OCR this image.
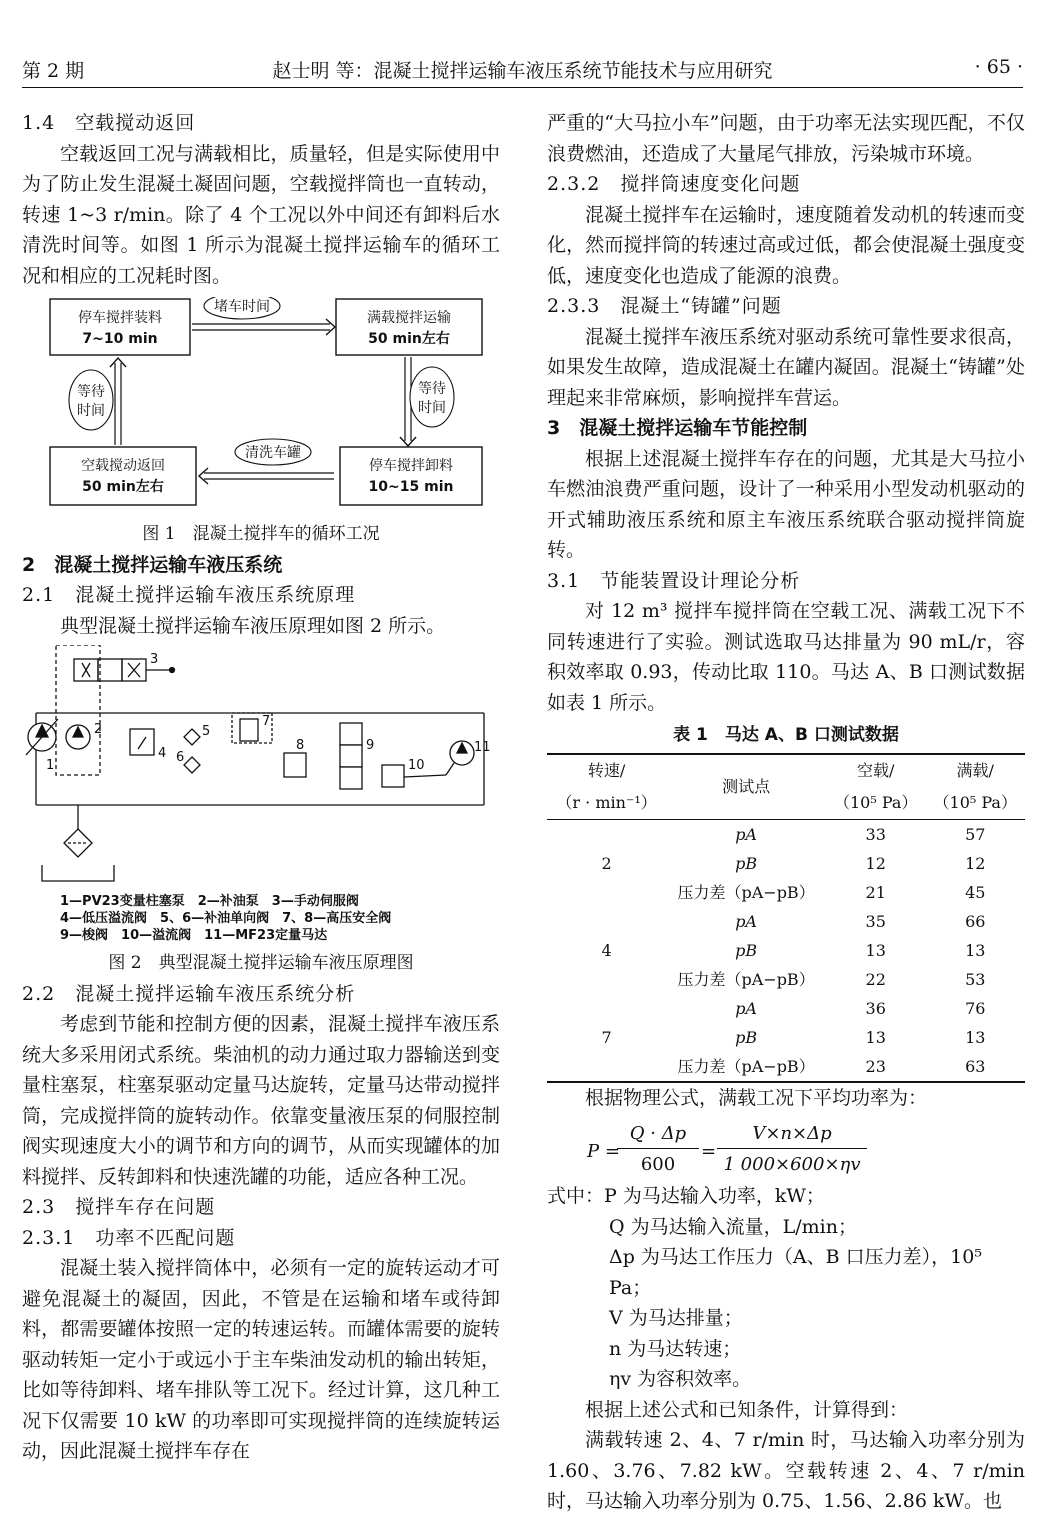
第 2 期	赵士明 等：混凝土搅拌运输车液压系统节能技术与应用研究	· 65 ·
1.4　空载搅动返回

空载返回工况与满载相比，质量轻，但是实际使用中为了防止发生混凝土凝固问题，空载搅拌筒也一直转动，转速 1~3 r/min。除了 4 个工况以外中间还有卸料后水清洗时间等。如图 1 所示为混凝土搅拌运输车的循环工况和相应的工况耗时图。

停车搅拌装料
7~10 min
满载搅拌运输
50 min左右
停车搅拌卸料
10~15 min
空载搅动返回
50 min左右
堵车时间
等待
时间
等待
时间
清洗车罐
图 1　混凝土搅拌车的循环工况
2　混凝土搅拌运输车液压系统
2.1　混凝土搅拌运输车液压系统原理

典型混凝土搅拌运输车液压原理如图 2 所示。

3
1
2
4
5
6
7
8	9
10
11
1—PV23变量柱塞泵　2—补油泵　3—手动伺服阀
4—低压溢流阀　5、6—补油单向阀　7、8—高压安全阀
9—梭阀　10—溢流阀　11—MF23定量马达
图 2　典型混凝土搅拌运输车液压原理图
2.2　混凝土搅拌运输车液压系统分析

考虑到节能和控制方便的因素，混凝土搅拌车液压系统大多采用闭式系统。柴油机的动力通过取力器输送到变量柱塞泵，柱塞泵驱动定量马达旋转，定量马达带动搅拌筒，完成搅拌筒的旋转动作。依靠变量液压泵的伺服控制阀实现速度大小的调节和方向的调节，从而实现罐体的加料搅拌、反转卸料和快速洗罐的功能，适应各种工况。

2.3　搅拌车存在问题
2.3.1　功率不匹配问题

混凝土装入搅拌筒体中，必须有一定的旋转运动才可避免混凝土的凝固，因此，不管是在运输和堵车或待卸料，都需要罐体按照一定的转速运转。而罐体需要的旋转驱动转矩一定小于或远小于主车柴油发动机的输出转矩，比如等待卸料、堵车排队等工况下。经过计算，这几种工况下仅需要 10 kW 的功率即可实现搅拌筒的连续旋转运动，因此混凝土搅拌车存在

严重的“大马拉小车”问题，由于功率无法实现匹配，不仅浪费燃油，还造成了大量尾气排放，污染城市环境。

2.3.2　搅拌筒速度变化问题

混凝土搅拌车在运输时，速度随着发动机的转速而变化，然而搅拌筒的转速过高或过低，都会使混凝土强度变低，速度变化也造成了能源的浪费。

2.3.3　混凝土“铸罐”问题

混凝土搅拌车液压系统对驱动系统可靠性要求很高，如果发生故障，造成混凝土在罐内凝固。混凝土“铸罐”处理起来非常麻烦，影响搅拌车营运。

3　混凝土搅拌运输车节能控制

根据上述混凝土搅拌车存在的问题，尤其是大马拉小车燃油浪费严重问题，设计了一种采用小型发动机驱动的开式辅助液压系统和原主车液压系统联合驱动搅拌筒旋转。

3.1　节能装置设计理论分析

对 12 m³ 搅拌车搅拌筒在空载工况、满载工况下不同转速进行了实验。测试选取马达排量为 90 mL/r，容积效率取 0.93，传动比取 110。马达 A、B 口测试数据如表 1 所示。

表 1　马达 A、B 口测试数据
转速/	测试点	空载/	满载/
（r · min⁻¹）		（10⁵ Pa）	（10⁵ Pa）
	pA	33	57
2	pB	12	12
	压力差（pA−pB）	21	45
	pA	35	66
4	pB	13	13
	压力差（pA−pB）	22	53
	pA	36	76
7	pB	13	13
	压力差（pA−pB）	23	63
根据物理公式，满载工况下平均功率为：
P =
Q · Δp
600
=
V×n×Δp
1 000×600×ηv
式中：P 为马达输入功率，kW；
Q 为马达输入流量，L/min；
Δp 为马达工作压力（A、B 口压力差），10⁵ Pa；
V 为马达排量；
n 为马达转速；
ηv 为容积效率。

根据上述公式和已知条件，计算得到：

满载转速 2、4、7 r/min 时，马达输入功率分别为 1.60、3.76、7.82 kW。空载转速 2、4、7 r/min 时，马达输入功率分别为 0.75、1.56、2.86 kW。也
